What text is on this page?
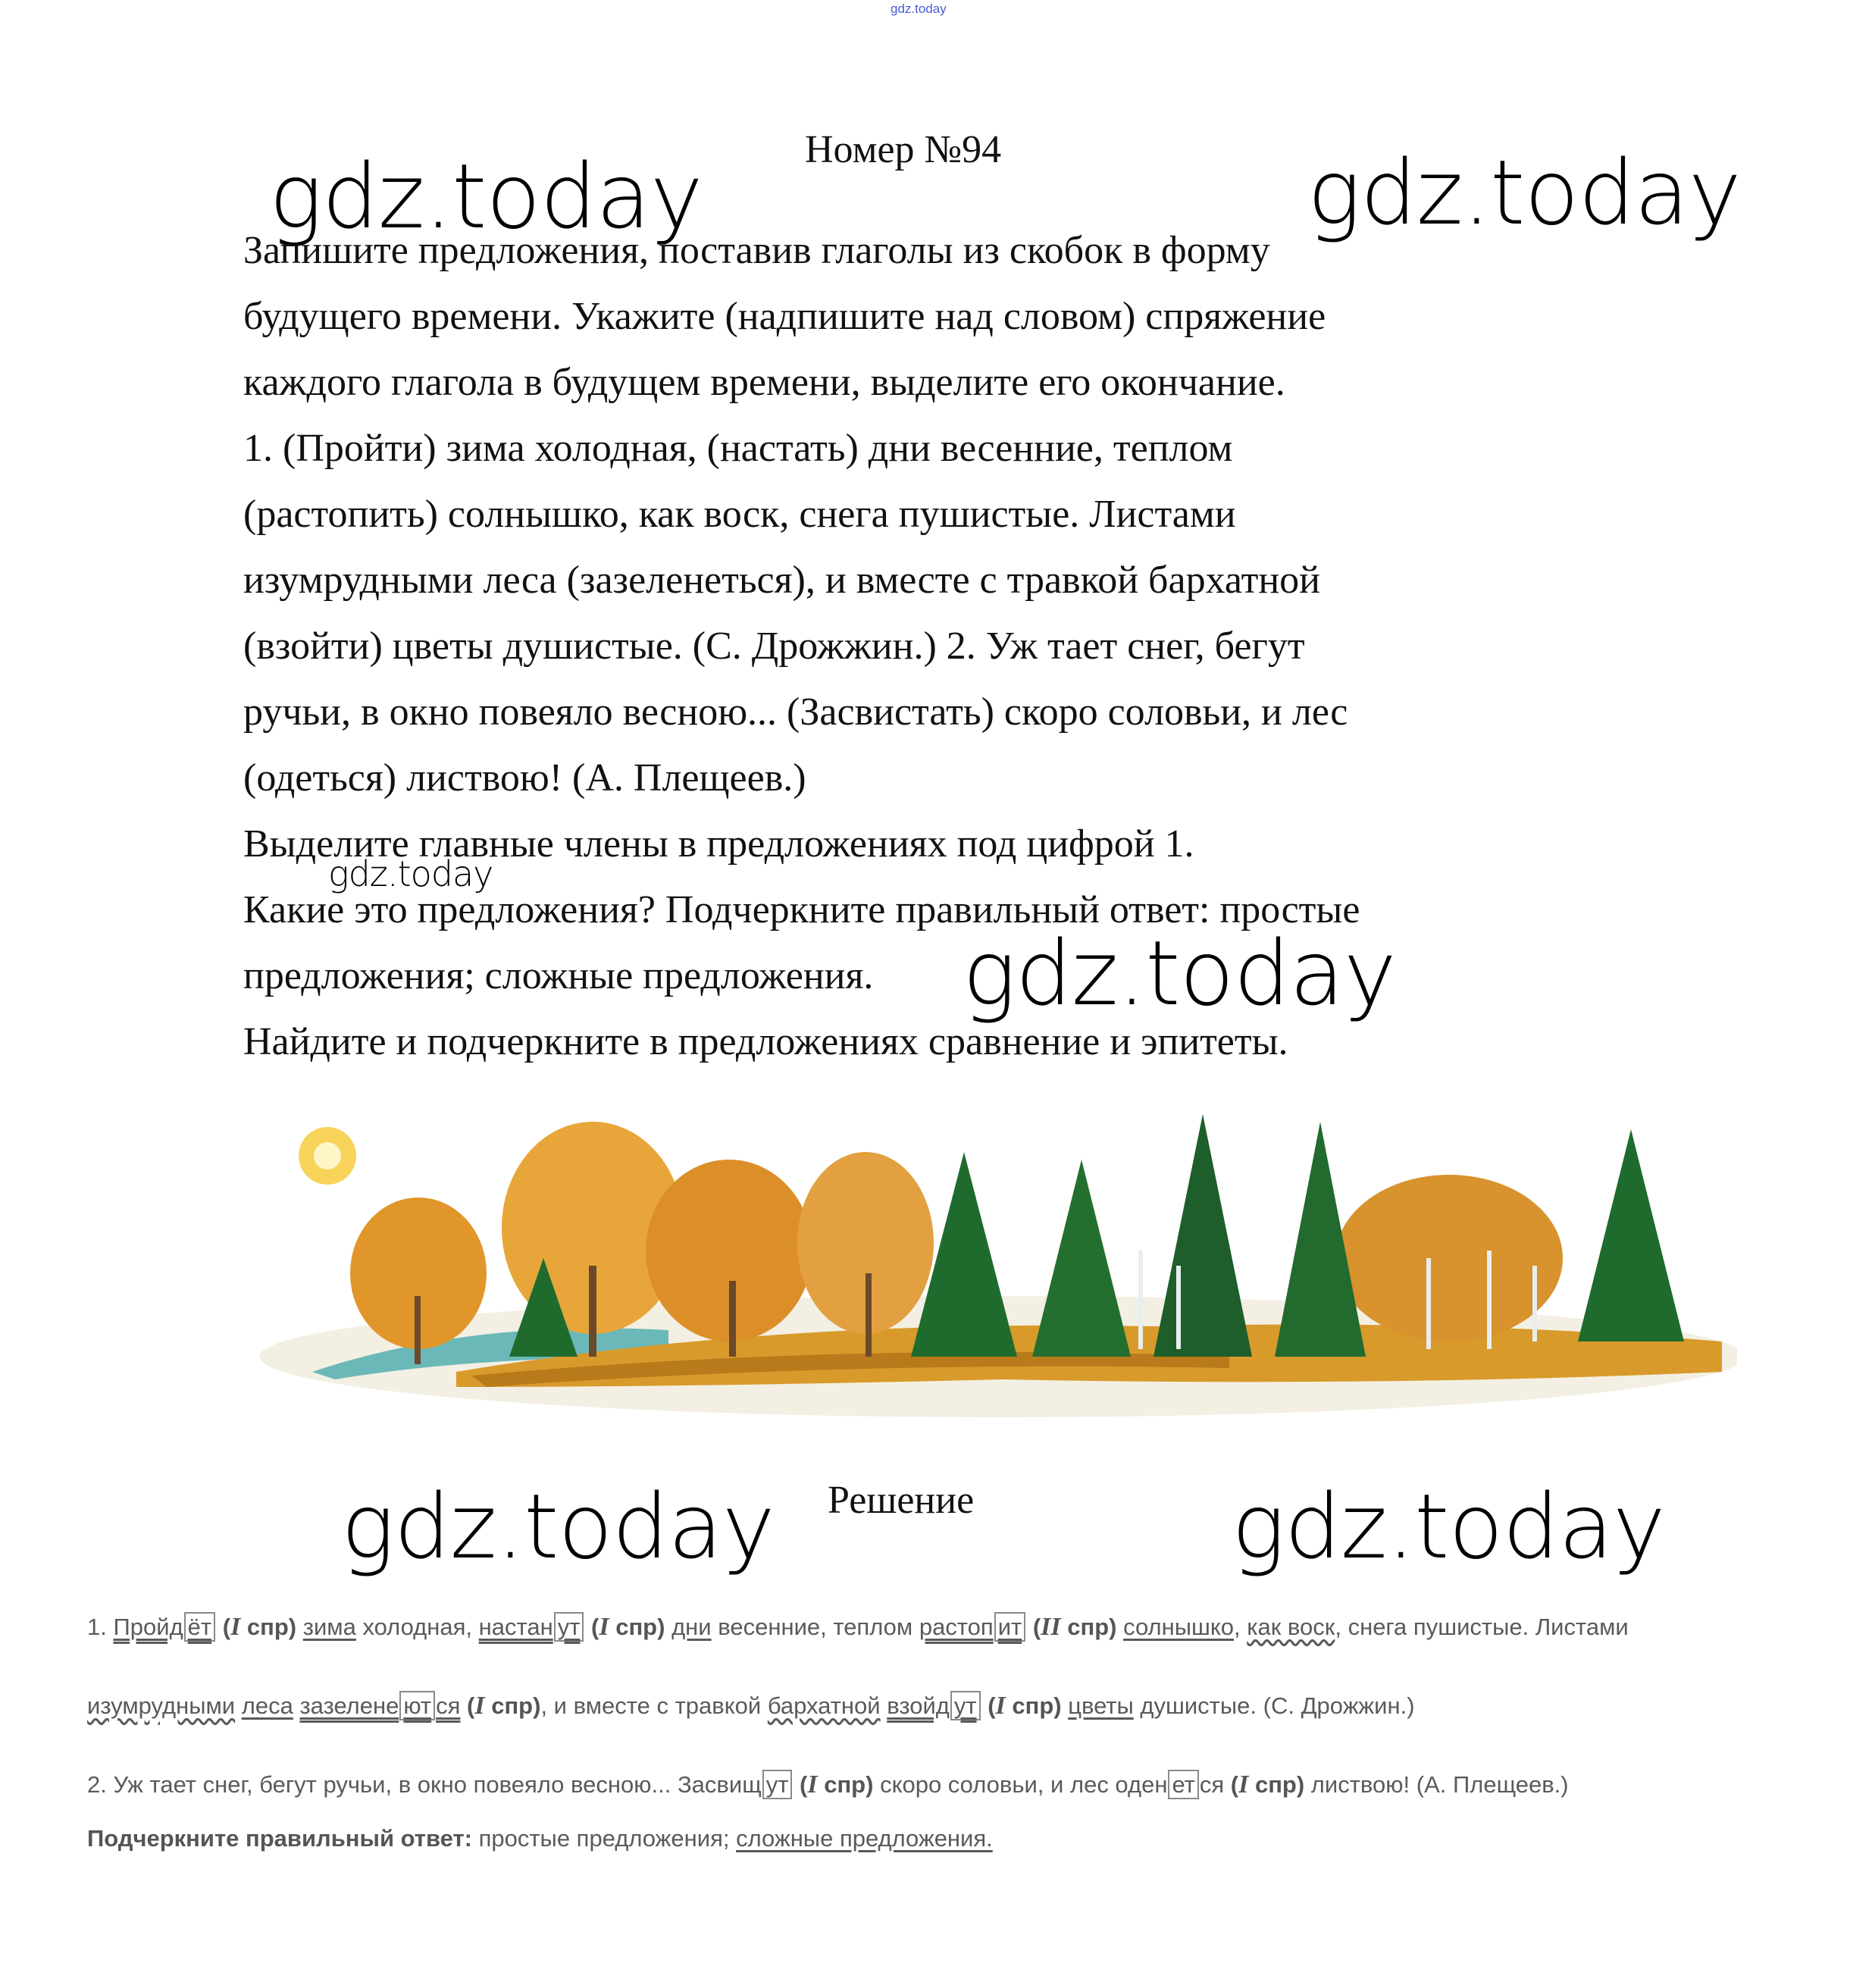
gdz.today
Номер №94
gdz.today	gdz.today

Запишите предложения, поставив глаголы из скобок в форму

будущего времени. Укажите (надпишите над словом) спряжение

каждого глагола в будущем времени, выделите его окончание.

1. (Пройти) зима холодная, (настать) дни весенние, теплом

(растопить) солнышко, как воск, снега пушистые. Листами

изумрудными леса (зазеленеться), и вместе с травкой бархатной

(взойти) цветы душистые. (С. Дрожжин.) 2. Уж тает снег, бегут

ручьи, в окно повеяло весною... (Засвистать) скоро соловьи, и лес

(одеться) листвою! (А. Плещеев.)

Выделите главные члены в предложениях под цифрой 1.

Какие это предложения? Подчеркните правильный ответ: простые

предложения; сложные предложения.

Найдите и подчеркните в предложениях сравнение и эпитеты.

gdz.today
gdz.today
gdz.today Решение	gdz.today
1. Пройд ёт (I спр) зима холодная, настан ут (I спр) дни весенние, теплом растоп ит (II спр) солнышко, как воск, снега пушистые. Листами
изумрудными леса зазелене ют ся (I спр), и вместе с травкой бархатной взойд ут (I спр) цветы душистые. (С. Дрожжин.)
2. Уж тает снег, бегут ручьи, в окно повеяло весною... Засвищ ут (I спр) скоро соловьи, и лес оден ет ся (I спр) листвою! (А. Плещеев.)
Подчеркните правильный ответ: простые предложения; сложные предложения.
